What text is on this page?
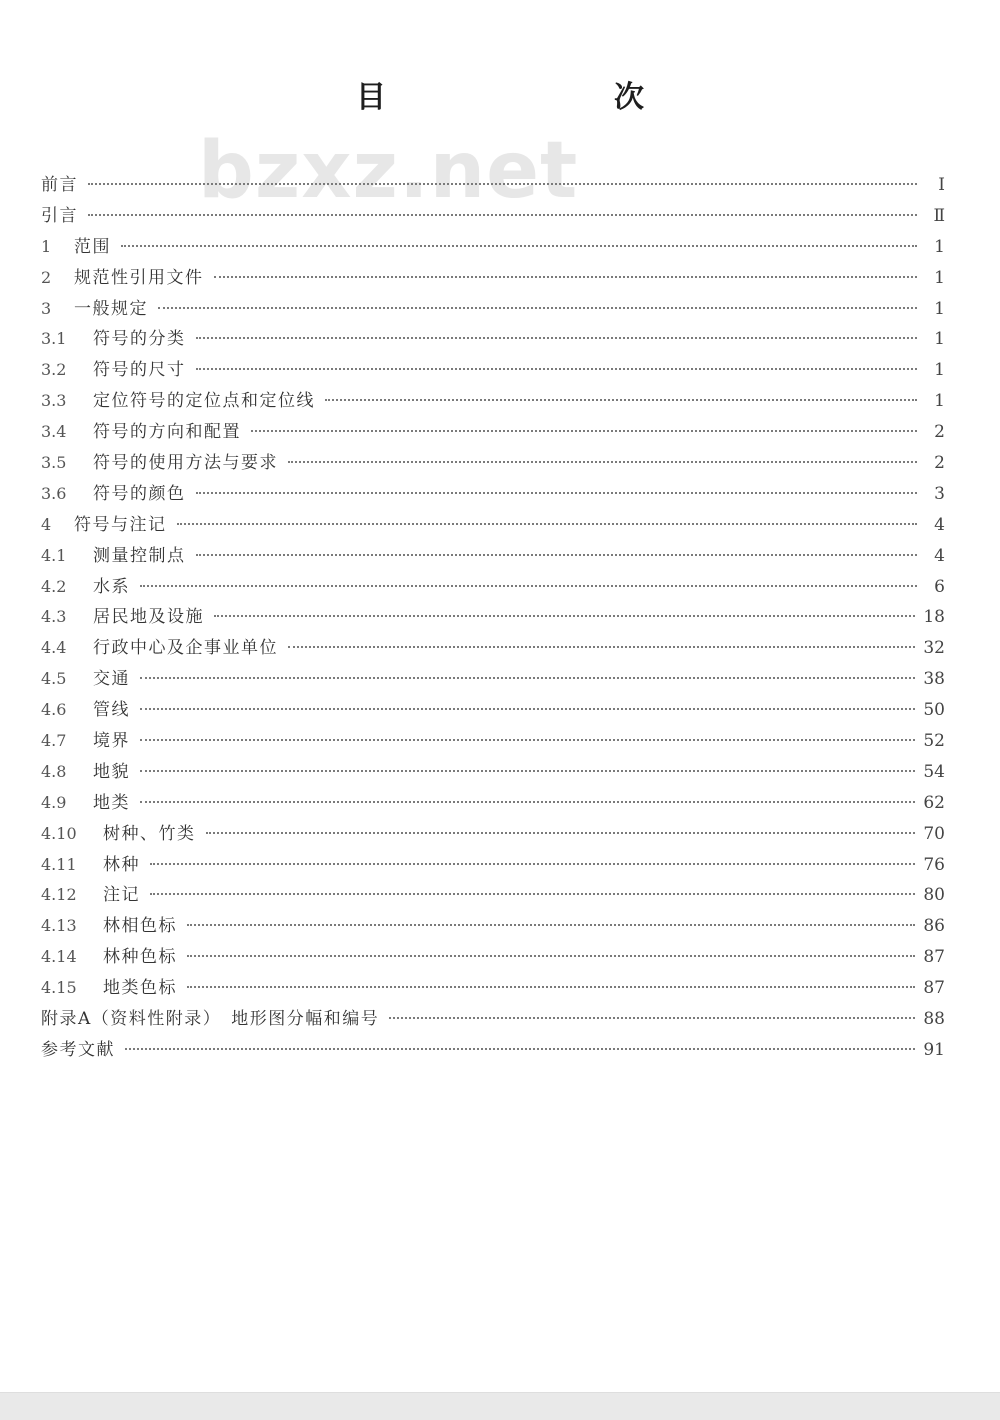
目　　次
bzxz.net
前言	Ⅰ
引言	Ⅱ
1	范围	1
2	规范性引用文件	1
3	一般规定	1
3.1	符号的分类	1
3.2	符号的尺寸	1
3.3	定位符号的定位点和定位线	1
3.4	符号的方向和配置	2
3.5	符号的使用方法与要求	2
3.6	符号的颜色	3
4	符号与注记	4
4.1	测量控制点	4
4.2	水系	6
4.3	居民地及设施	18
4.4	行政中心及企事业单位	32
4.5	交通	38
4.6	管线	50
4.7	境界	52
4.8	地貌	54
4.9	地类	62
4.10	树种、竹类	70
4.11	林种	76
4.12	注记	80
4.13	林相色标	86
4.14	林种色标	87
4.15	地类色标	87
附录A（资料性附录）　地形图分幅和编号	88
参考文献	91
